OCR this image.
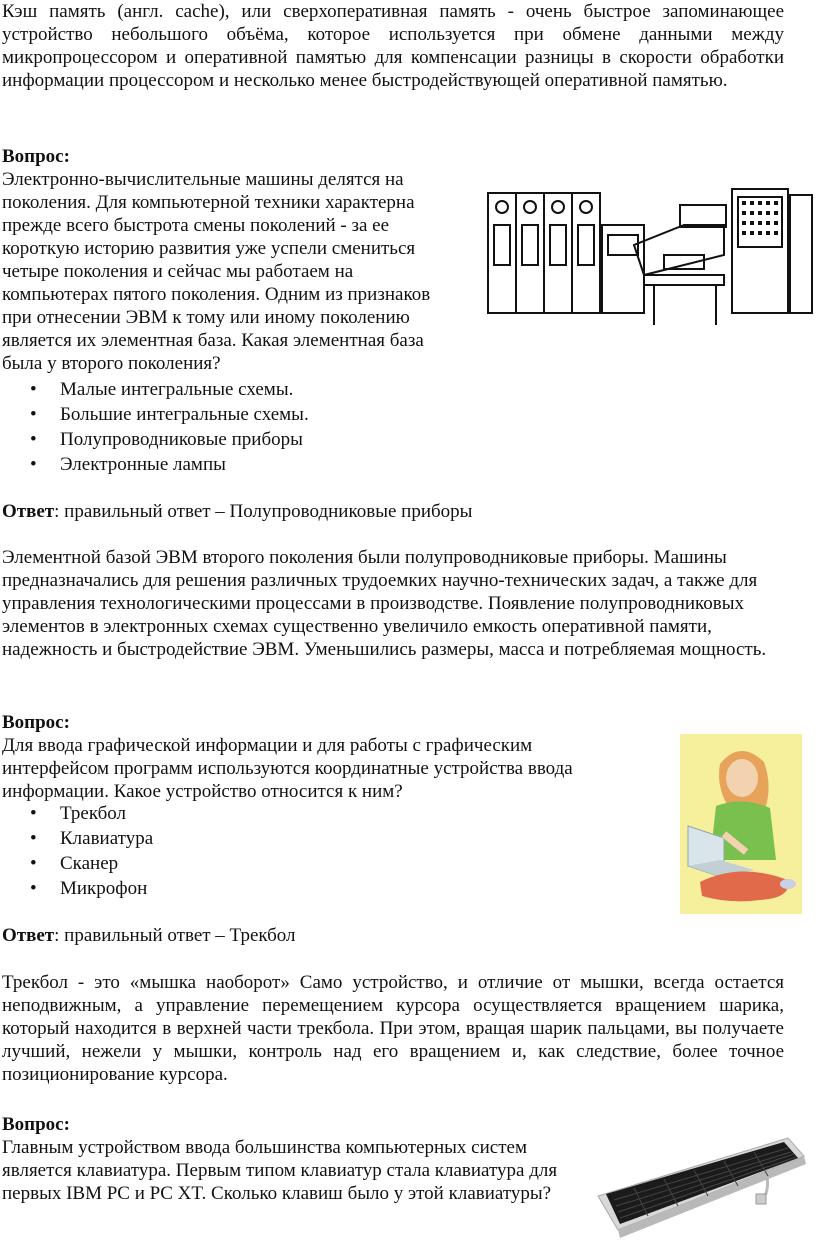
Кэш память (англ. cache), или сверхоперативная память - очень быстрое запоминающее устройство небольшого объёма, которое используется при обмене данными между микропроцессором и оперативной памятью для компенсации разницы в скорости обработки информации процессором и несколько менее быстродействующей оперативной памятью.

Вопрос:

Электронно-вычислительные машины делятся на поколения. Для компьютерной техники характерна прежде всего быстрота смены поколений - за ее короткую историю развития уже успели смениться четыре поколения и сейчас мы работаем на компьютерах пятого поколения. Одним из признаков при отнесении ЭВМ к тому или иному поколению является их элементная база. Какая элементная база была у второго поколения?

• Малые интегральные схемы.
• Большие интегральные схемы.
• Полупроводниковые приборы
• Электронные лампы
Ответ: правильный ответ – Полупроводниковые приборы

Элементной базой ЭВМ второго поколения были полупроводниковые приборы. Машины предназначались для решения различных трудоемких научно-технических задач, а также для управления технологическими процессами в производстве. Появление полупроводниковых элементов в электронных схемах существенно увеличило емкость оперативной памяти, надежность и быстродействие ЭВМ. Уменьшились размеры, масса и потребляемая мощность.

Вопрос:

Для ввода графической информации и для работы с графическим интерфейсом программ используются координатные устройства ввода информации. Какое устройство относится к ним?

• Трекбол
• Клавиатура
• Сканер
• Микрофон
Ответ: правильный ответ – Трекбол

Трекбол - это «мышка наоборот» Само устройство, и отличие от мышки, всегда остается неподвижным, а управление перемещением курсора осуществляется вращением шарика, который находится в верхней части трекбола. При этом, вращая шарик пальцами, вы получаете лучший, нежели у мышки, контроль над его вращением и, как следствие, более точное позиционирование курсора.

Вопрос:

Главным устройством ввода большинства компьютерных систем является клавиатура. Первым типом клавиатур стала клавиатура для первых IBM PC и PC XT. Сколько клавиш было у этой клавиатуры?
